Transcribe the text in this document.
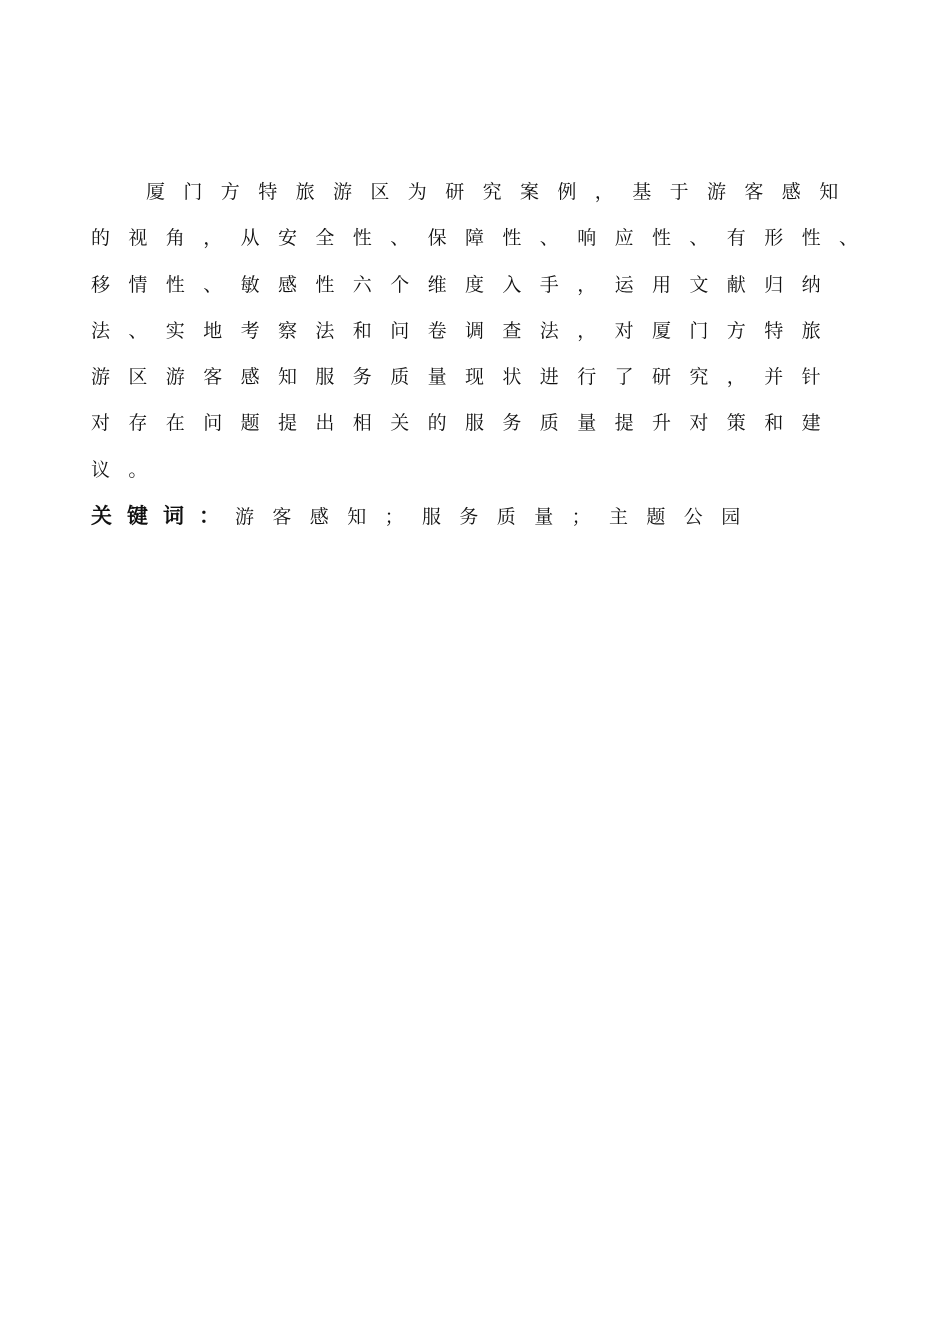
厦门方特旅游区为研究案例，基于游客感知
的视角，从安全性、保障性、响应性、有形性、
移情性、敏感性六个维度入手，运用文献归纳
法、实地考察法和问卷调查法，对厦门方特旅
游区游客感知服务质量现状进行了研究，并针
对存在问题提出相关的服务质量提升对策和建
议。
关键词：游客感知；服务质量；主题公园
